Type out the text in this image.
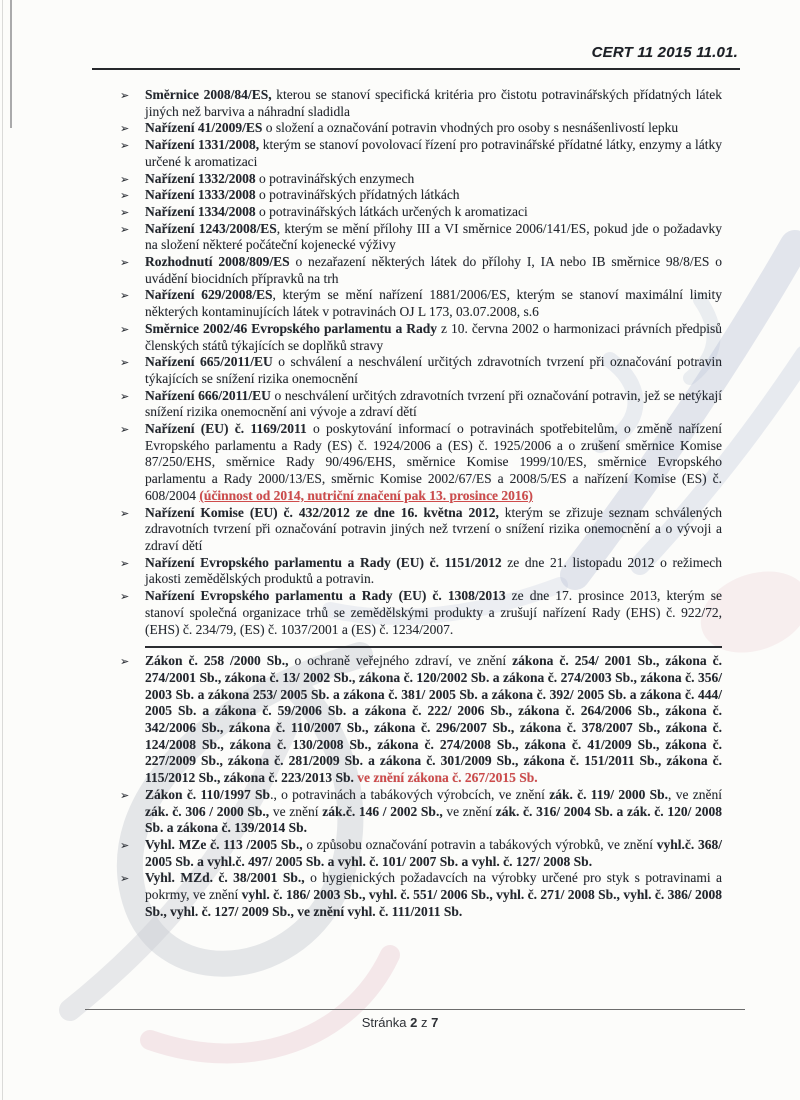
CERT 11 2015 11.01.
➢ Směrnice 2008/84/ES, kterou se stanoví specifická kritéria pro čistotu potravinářských přídatných látek jiných než barviva a náhradní sladidla
➢ Nařízení 41/2009/ES o složení a označování potravin vhodných pro osoby s nesnášenlivostí lepku
➢ Nařízení 1331/2008, kterým se stanoví povolovací řízení pro potravinářské přídatné látky, enzymy a látky určené k aromatizaci
➢ Nařízení 1332/2008 o potravinářských enzymech
➢ Nařízení 1333/2008 o potravinářských přídatných látkách
➢ Nařízení 1334/2008 o potravinářských látkách určených k aromatizaci
➢ Nařízení 1243/2008/ES, kterým se mění přílohy III a VI směrnice 2006/141/ES, pokud jde o požadavky na složení některé počáteční kojenecké výživy
➢ Rozhodnutí 2008/809/ES o nezařazení některých látek do přílohy I, IA nebo IB směrnice 98/8/ES o uvádění biocidních přípravků na trh
➢ Nařízení 629/2008/ES, kterým se mění nařízení 1881/2006/ES, kterým se stanoví maximální limity některých kontaminujících látek v potravinách OJ L 173, 03.07.2008, s.6
➢ Směrnice 2002/46 Evropského parlamentu a Rady z 10. června 2002 o harmonizaci právních předpisů členských států týkajících se doplňků stravy
➢ Nařízení 665/2011/EU o schválení a neschválení určitých zdravotních tvrzení při označování potravin týkajících se snížení rizika onemocnění
➢ Nařízení 666/2011/EU o neschválení určitých zdravotních tvrzení při označování potravin, jež se netýkají snížení rizika onemocnění ani vývoje a zdraví dětí
➢ Nařízení (EU) č. 1169/2011 o poskytování informací o potravinách spotřebitelům, o změně nařízení Evropského parlamentu a Rady (ES) č. 1924/2006 a (ES) č. 1925/2006 a o zrušení směrnice Komise 87/250/EHS, směrnice Rady 90/496/EHS, směrnice Komise 1999/10/ES, směrnice Evropského parlamentu a Rady 2000/13/ES, směrnic Komise 2002/67/ES a 2008/5/ES a nařízení Komise (ES) č. 608/2004 (účinnost od 2014, nutriční značení pak 13. prosince 2016)
➢ Nařízení Komise (EU) č. 432/2012 ze dne 16. května 2012, kterým se zřizuje seznam schválených zdravotních tvrzení při označování potravin jiných než tvrzení o snížení rizika onemocnění a o vývoji a zdraví dětí
➢ Nařízení Evropského parlamentu a Rady (EU) č. 1151/2012 ze dne 21. listopadu 2012 o režimech jakosti zemědělských produktů a potravin.
➢ Nařízení Evropského parlamentu a Rady (EU) č. 1308/2013 ze dne 17. prosince 2013, kterým se stanoví společná organizace trhů se zemědělskými produkty a zrušují nařízení Rady (EHS) č. 922/72, (EHS) č. 234/79, (ES) č. 1037/2001 a (ES) č. 1234/2007.
➢ Zákon č. 258 /2000 Sb., o ochraně veřejného zdraví, ve znění zákona č. 254/ 2001 Sb., zákona č. 274/2001 Sb., zákona č. 13/ 2002 Sb., zákona č. 120/2002 Sb. a zákona č. 274/2003 Sb., zákona č. 356/ 2003 Sb. a zákona 253/ 2005 Sb. a zákona č. 381/ 2005 Sb. a zákona č. 392/ 2005 Sb. a zákona č. 444/ 2005 Sb. a zákona č. 59/2006 Sb. a zákona č. 222/ 2006 Sb., zákona č. 264/2006 Sb., zákona č. 342/2006 Sb., zákona č. 110/2007 Sb., zákona č. 296/2007 Sb., zákona č. 378/2007 Sb., zákona č. 124/2008 Sb., zákona č. 130/2008 Sb., zákona č. 274/2008 Sb., zákona č. 41/2009 Sb., zákona č. 227/2009 Sb., zákona č. 281/2009 Sb. a zákona č. 301/2009 Sb., zákona č. 151/2011 Sb., zákona č. 115/2012 Sb., zákona č. 223/2013 Sb. ve znění zákona č. 267/2015 Sb.
➢ Zákon č. 110/1997 Sb., o potravinách a tabákových výrobcích, ve znění zák. č. 119/ 2000 Sb., ve znění zák. č. 306 / 2000 Sb., ve znění zák.č. 146 / 2002 Sb., ve znění zák. č. 316/ 2004 Sb. a zák. č. 120/ 2008 Sb. a zákona č. 139/2014 Sb.
➢ Vyhl. MZe č. 113 /2005 Sb., o způsobu označování potravin a tabákových výrobků, ve znění vyhl.č. 368/ 2005 Sb. a vyhl.č. 497/ 2005 Sb. a vyhl. č. 101/ 2007 Sb. a vyhl. č. 127/ 2008 Sb.
➢ Vyhl. MZd. č. 38/2001 Sb., o hygienických požadavcích na výrobky určené pro styk s potravinami a pokrmy, ve znění vyhl. č. 186/ 2003 Sb., vyhl. č. 551/ 2006 Sb., vyhl. č. 271/ 2008 Sb., vyhl. č. 386/ 2008 Sb., vyhl. č. 127/ 2009 Sb., ve znění vyhl. č. 111/2011 Sb.
Stránka 2 z 7
